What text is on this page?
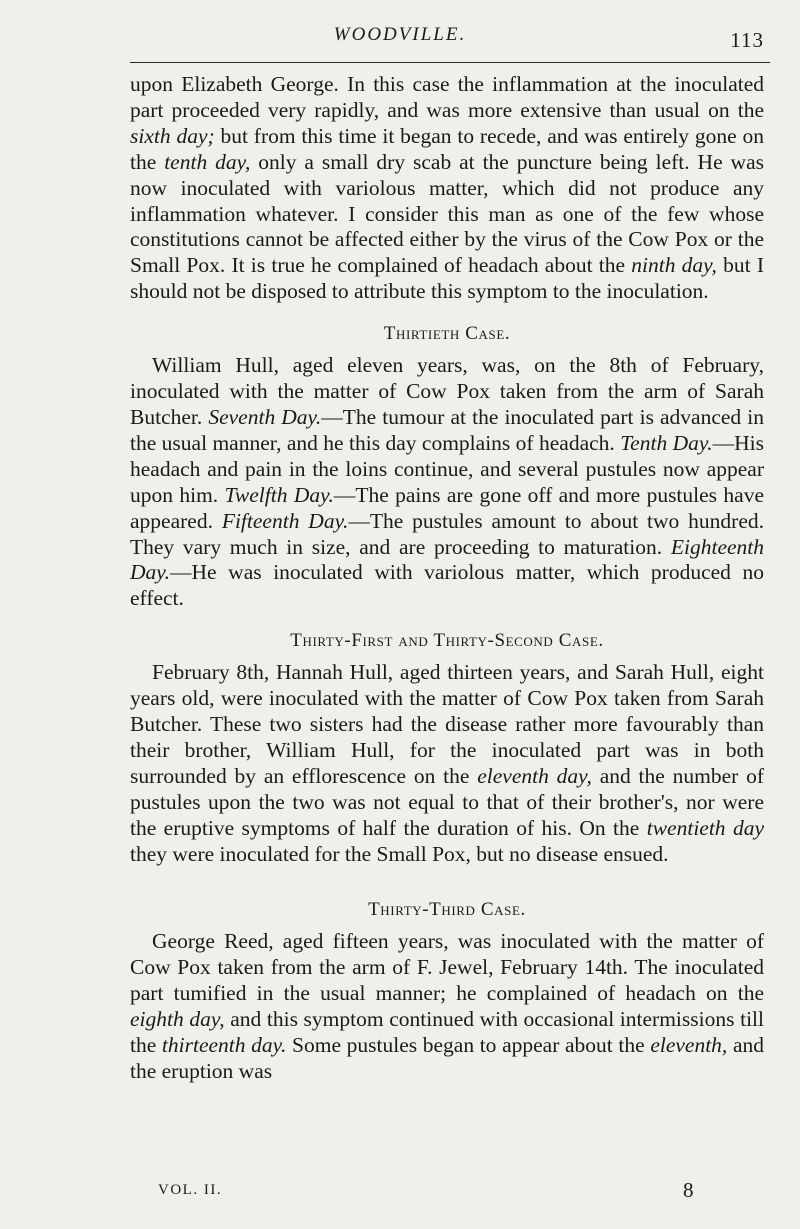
WOODVILLE.	113

upon Elizabeth George. In this case the inflammation at the inoculated part proceeded very rapidly, and was more extensive than usual on the sixth day; but from this time it began to recede, and was entirely gone on the tenth day, only a small dry scab at the puncture being left. He was now inoculated with variolous matter, which did not produce any inflammation whatever. I consider this man as one of the few whose constitutions cannot be affected either by the virus of the Cow Pox or the Small Pox. It is true he complained of headach about the ninth day, but I should not be disposed to attribute this symptom to the inoculation.

Thirtieth Case.

William Hull, aged eleven years, was, on the 8th of February, inoculated with the matter of Cow Pox taken from the arm of Sarah Butcher. Seventh Day.—The tumour at the inoculated part is advanced in the usual manner, and he this day complains of headach. Tenth Day.—His headach and pain in the loins continue, and several pustules now appear upon him. Twelfth Day.—The pains are gone off and more pustules have appeared. Fifteenth Day.—The pustules amount to about two hundred. They vary much in size, and are proceeding to maturation. Eighteenth Day.—He was inoculated with variolous matter, which produced no effect.

Thirty-First and Thirty-Second Case.

February 8th, Hannah Hull, aged thirteen years, and Sarah Hull, eight years old, were inoculated with the matter of Cow Pox taken from Sarah Butcher. These two sisters had the disease rather more favourably than their brother, William Hull, for the inoculated part was in both surrounded by an efflorescence on the eleventh day, and the number of pustules upon the two was not equal to that of their brother's, nor were the eruptive symptoms of half the duration of his. On the twentieth day they were inoculated for the Small Pox, but no disease ensued.

Thirty-Third Case.

George Reed, aged fifteen years, was inoculated with the matter of Cow Pox taken from the arm of F. Jewel, February 14th. The inoculated part tumified in the usual manner; he complained of headach on the eighth day, and this symptom continued with occasional intermissions till the thirteenth day. Some pustules began to appear about the eleventh, and the eruption was

VOL. II.	8
